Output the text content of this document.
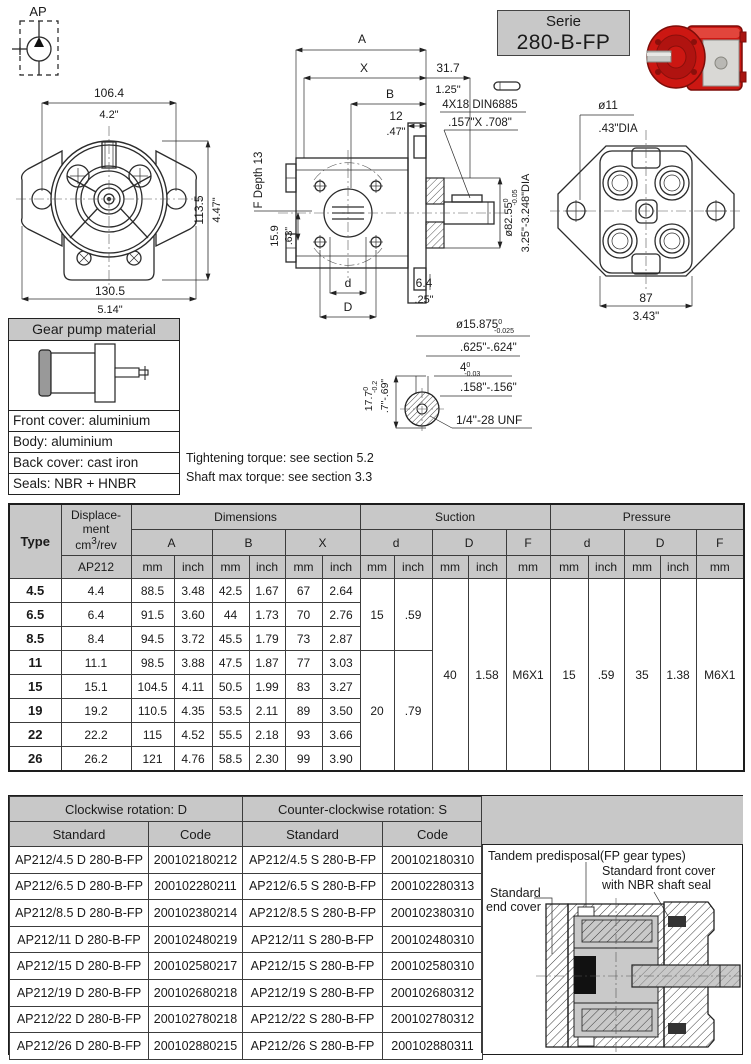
AP
Serie
280-B-FP
106.4
4.2"
113.5 4.47"
130.5
5.14"
A
X	31.7
1.25"
B
12
.47"
4X18 DIN6885
.157"X .708"
F Depth 13
15.9 .63"	ø82.55$^0$ -0.05 3.25"-3.248"DIA
d
D
6.4
.25"
ø11
.43"DIA
87
3.43"
Gear pump material
Front cover: aluminium
Body: aluminium
Back cover: cast iron
Seals: NBR + HNBR
ø15.875$^0$ -0.025
.625"-.624"
$4^0$ -0.03
.158"-.156"
17.7$^0$ -0.2 .7"-.69"
1/4"-28 UNF
Tightening torque: see section 5.2
Shaft max torque: see section 3.3
Type	Displace-
ment
$cm^3$/rev	Dimensions						Suction					Pressure				
		A		B		X		d		D		F	d		D		F
	AP212	mm	inch	mm	inch	mm	inch	mm	inch	mm	inch	mm	mm	inch	mm	inch	mm
4.5	4.4	88.5	3.48	42.5	1.67	67	2.64	15	.59	40	1.58	M6X1	15	.59	35	1.38	M6X1
6.5	6.4	91.5	3.60	44	1.73	70	2.76										
8.5	8.4	94.5	3.72	45.5	1.79	73	2.87										
11	11.1	98.5	3.88	47.5	1.87	77	3.03	20	.79								
15	15.1	104.5	4.11	50.5	1.99	83	3.27										
19	19.2	110.5	4.35	53.5	2.11	89	3.50										
22	22.2	115	4.52	55.5	2.18	93	3.66										
26	26.2	121	4.76	58.5	2.30	99	3.90										
Clockwise rotation: D		Counter-clockwise rotation: S	
Standard	Code	Standard	Code
AP212/4.5 D 280-B-FP	200102180212	AP212/4.5 S 280-B-FP	200102180310
AP212/6.5 D 280-B-FP	200102280211	AP212/6.5 S 280-B-FP	200102280313
AP212/8.5 D 280-B-FP	200102380214	AP212/8.5 S 280-B-FP	200102380310
AP212/11 D 280-B-FP	200102480219	AP212/11 S 280-B-FP	200102480310
AP212/15 D 280-B-FP	200102580217	AP212/15 S 280-B-FP	200102580310
AP212/19 D 280-B-FP	200102680218	AP212/19 S 280-B-FP	200102680312
AP212/22 D 280-B-FP	200102780218	AP212/22 S 280-B-FP	200102780312
AP212/26 D 280-B-FP	200102880215	AP212/26 S 280-B-FP	200102880311
Tandem predisposal(FP gear types)
Standard front cover
with NBR shaft seal
Standard
end cover
